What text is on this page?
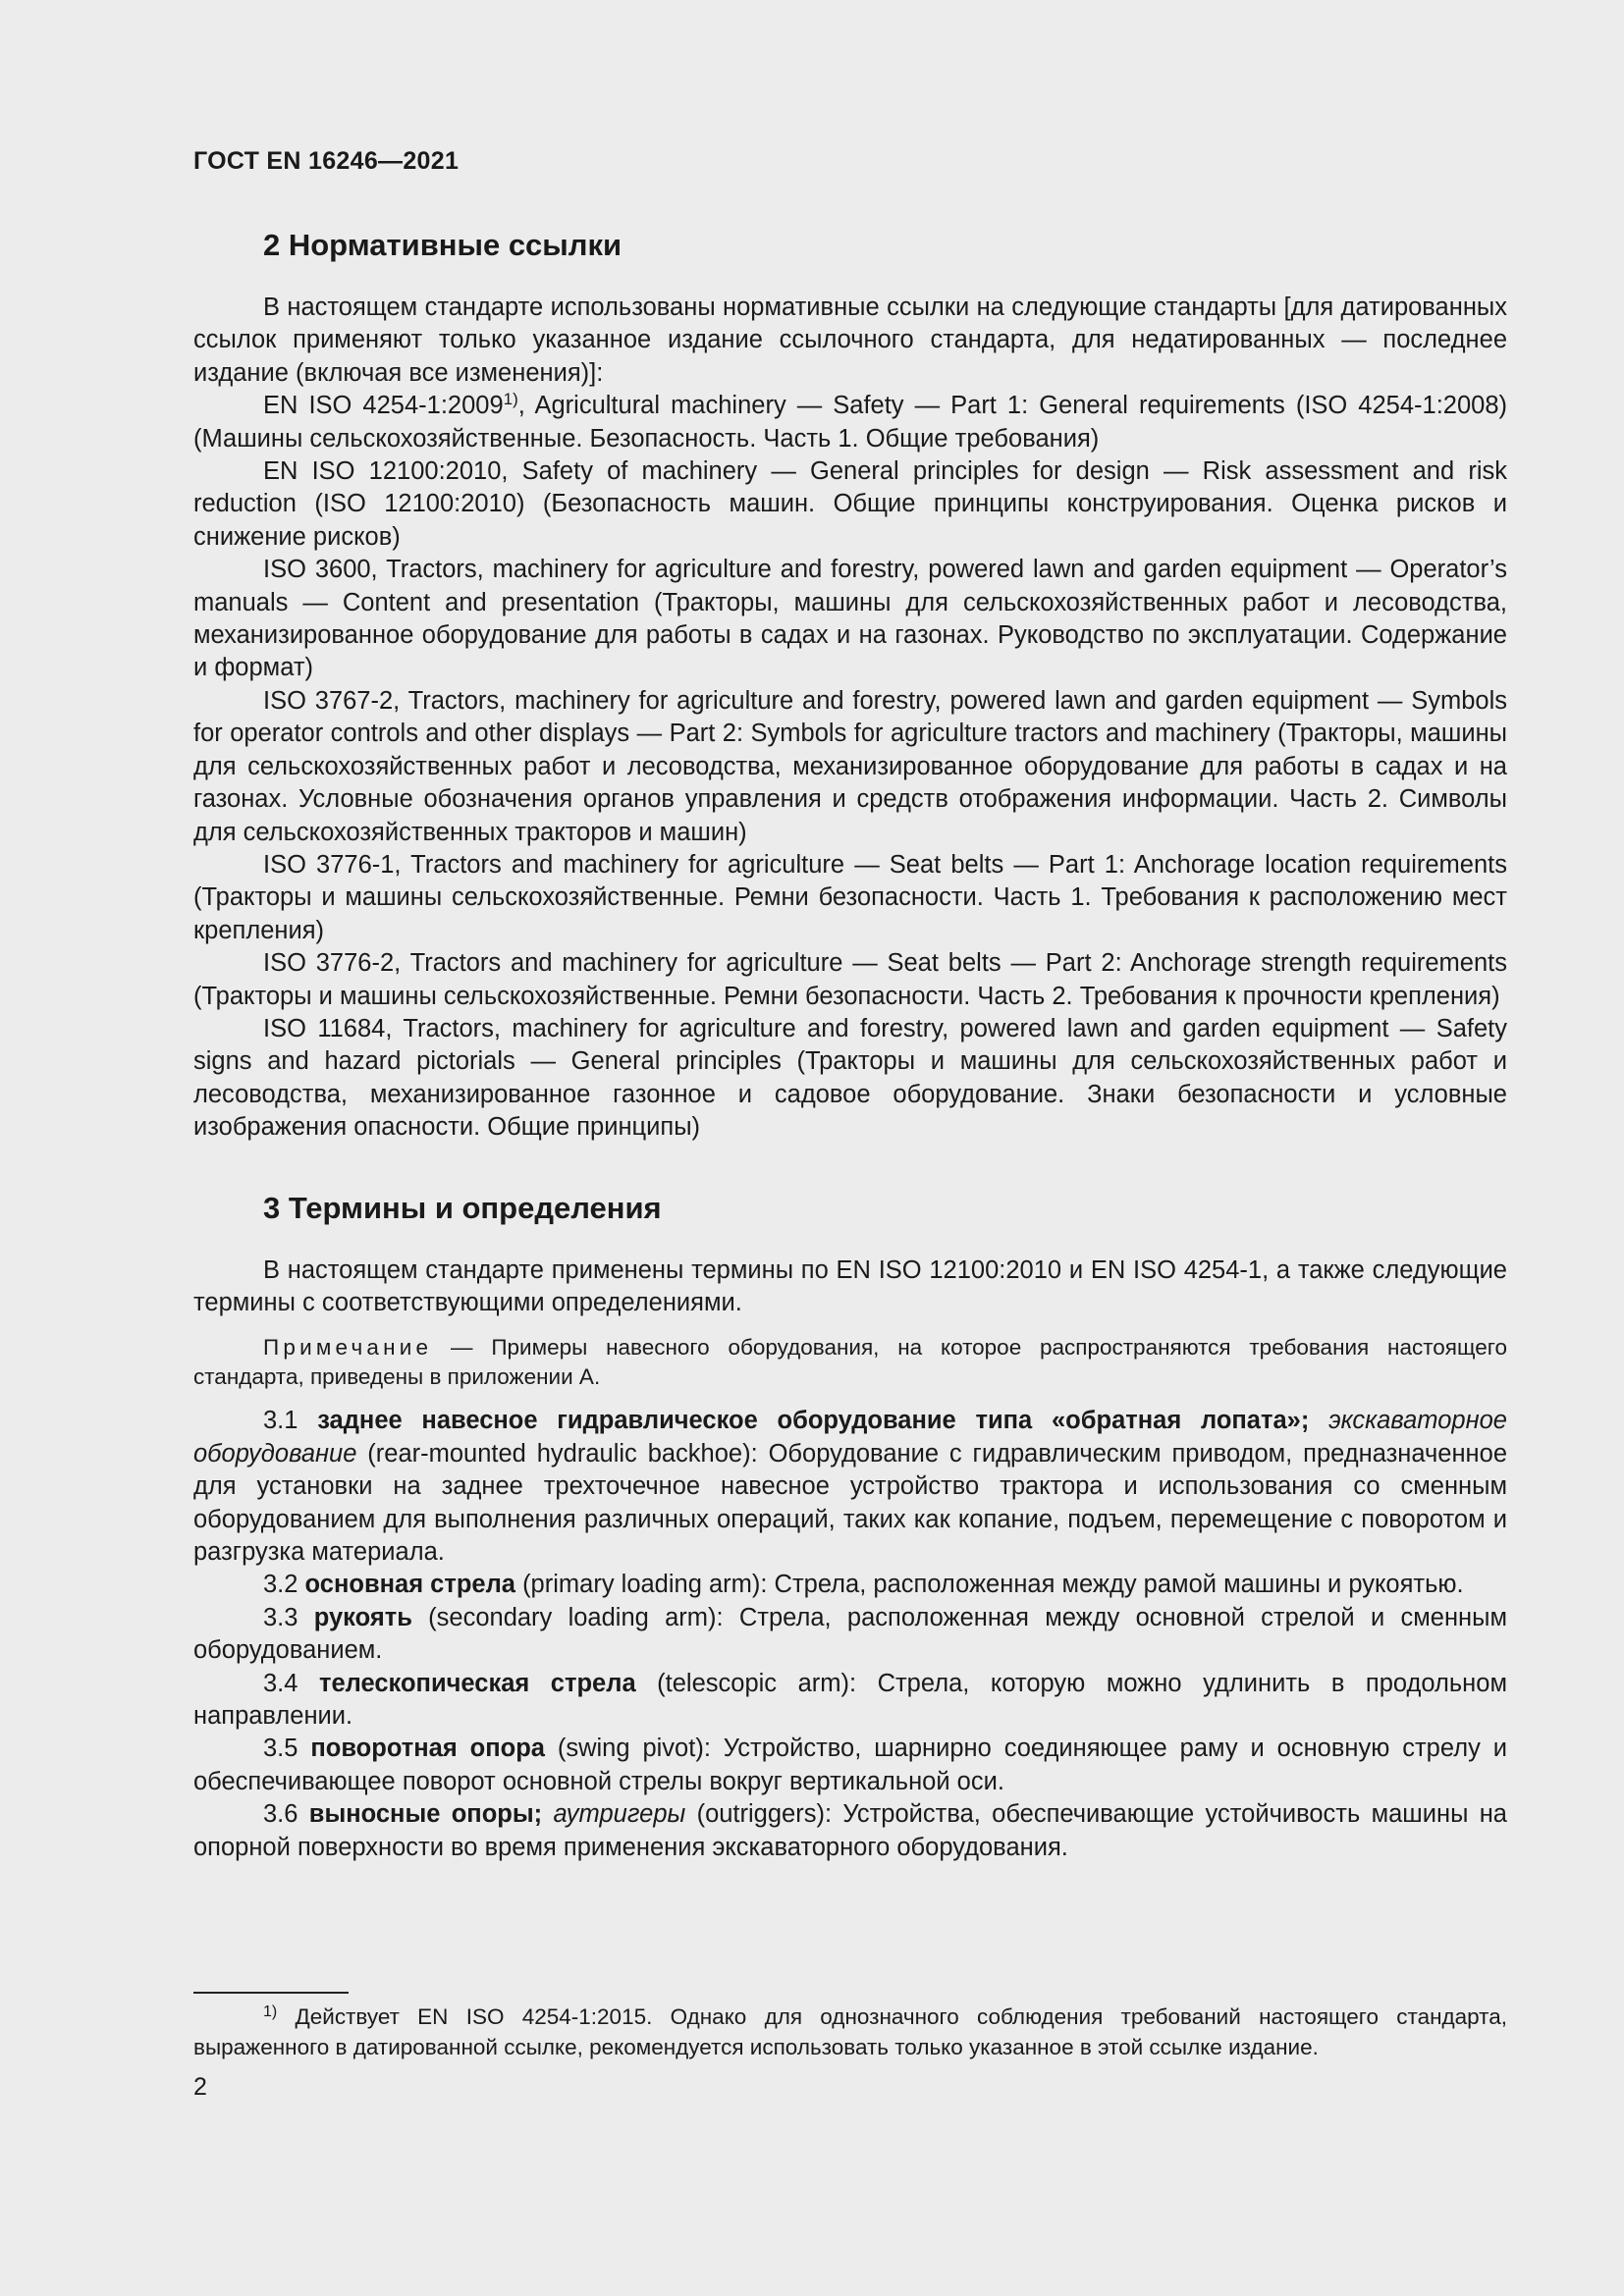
ГОСТ EN 16246—2021
2 Нормативные ссылки

В настоящем стандарте использованы нормативные ссылки на следующие стандарты [для датированных ссылок применяют только указанное издание ссылочного стандарта, для недатированных — последнее издание (включая все изменения)]:

EN ISO 4254-1:2009$^{1)}$, Agricultural machinery — Safety — Part 1: General requirements (ISO 4254-1:2008) (Машины сельскохозяйственные. Безопасность. Часть 1. Общие требования)

EN ISO 12100:2010, Safety of machinery — General principles for design — Risk assessment and risk reduction (ISO 12100:2010) (Безопасность машин. Общие принципы конструирования. Оценка рисков и снижение рисков)

ISO 3600, Tractors, machinery for agriculture and forestry, powered lawn and garden equipment — Operator’s manuals — Content and presentation (Тракторы, машины для сельскохозяйственных работ и лесоводства, механизированное оборудование для работы в садах и на газонах. Руководство по эксплуатации. Содержание и формат)

ISO 3767-2, Tractors, machinery for agriculture and forestry, powered lawn and garden equipment — Symbols for operator controls and other displays — Part 2: Symbols for agriculture tractors and machinery (Тракторы, машины для сельскохозяйственных работ и лесоводства, механизированное оборудование для работы в садах и на газонах. Условные обозначения органов управления и средств отображения информации. Часть 2. Символы для сельскохозяйственных тракторов и машин)

ISO 3776-1, Tractors and machinery for agriculture — Seat belts — Part 1: Anchorage location requirements (Тракторы и машины сельскохозяйственные. Ремни безопасности. Часть 1. Требования к расположению мест крепления)

ISO 3776-2, Tractors and machinery for agriculture — Seat belts — Part 2: Anchorage strength requirements (Тракторы и машины сельскохозяйственные. Ремни безопасности. Часть 2. Требования к прочности крепления)

ISO 11684, Tractors, machinery for agriculture and forestry, powered lawn and garden equipment — Safety signs and hazard pictorials — General principles (Тракторы и машины для сельскохозяйственных работ и лесоводства, механизированное газонное и садовое оборудование. Знаки безопасности и условные изображения опасности. Общие принципы)

3 Термины и определения

В настоящем стандарте применены термины по EN ISO 12100:2010 и EN ISO 4254-1, а также следующие термины с соответствующими определениями.

Примечание — Примеры навесного оборудования, на которое распространяются требования настоящего стандарта, приведены в приложении А.

3.1 заднее навесное гидравлическое оборудование типа «обратная лопата»; экскаваторное оборудование (rear-mounted hydraulic backhoe): Оборудование с гидравлическим приводом, предназначенное для установки на заднее трехточечное навесное устройство трактора и использования со сменным оборудованием для выполнения различных операций, таких как копание, подъем, перемещение с поворотом и разгрузка материала.

3.2 основная стрела (primary loading arm): Стрела, расположенная между рамой машины и рукоятью.

3.3 рукоять (secondary loading arm): Стрела, расположенная между основной стрелой и сменным оборудованием.

3.4 телескопическая стрела (telescopic arm): Стрела, которую можно удлинить в продольном направлении.

3.5 поворотная опора (swing pivot): Устройство, шарнирно соединяющее раму и основную стрелу и обеспечивающее поворот основной стрелы вокруг вертикальной оси.

3.6 выносные опоры; аутригеры (outriggers): Устройства, обеспечивающие устойчивость машины на опорной поверхности во время применения экскаваторного оборудования.

$^{1)}$ Действует EN ISO 4254-1:2015. Однако для однозначного соблюдения требований настоящего стандарта, выраженного в датированной ссылке, рекомендуется использовать только указанное в этой ссылке издание.

2
